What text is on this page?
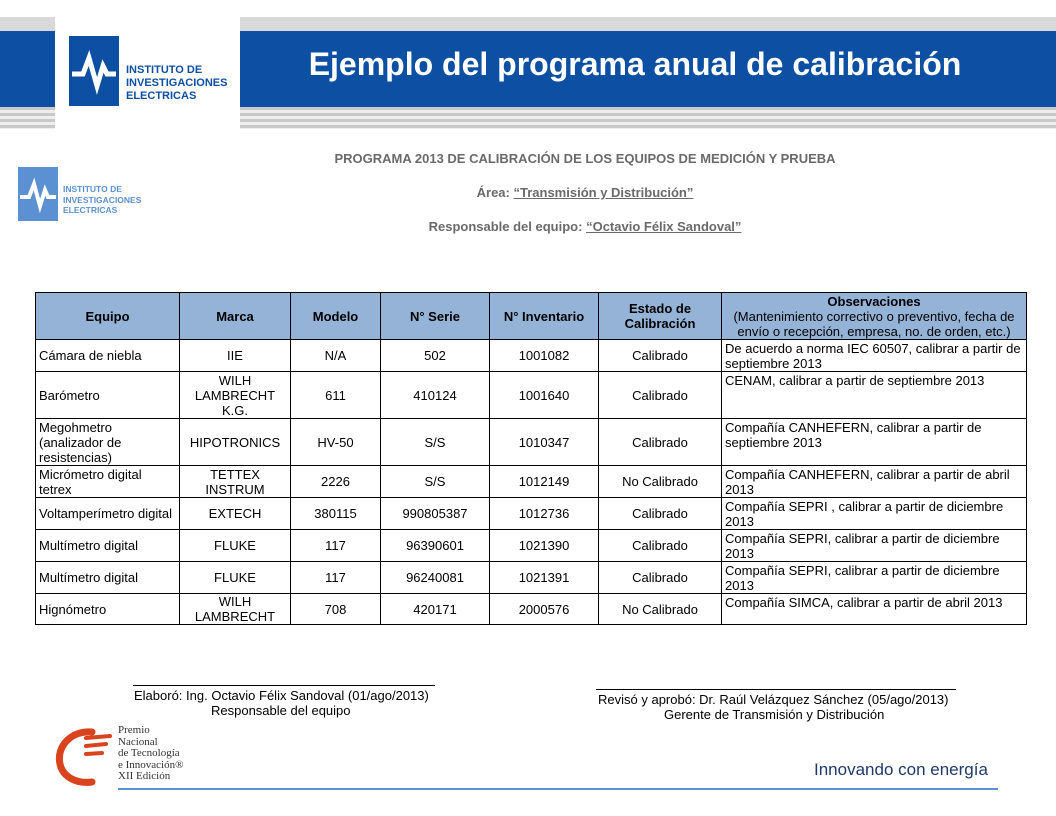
INSTITUTO DE
INVESTIGACIONES
ELECTRICAS
Ejemplo del programa anual de calibración
INSTITUTO DE
INVESTIGACIONES
ELECTRICAS
PROGRAMA 2013 DE CALIBRACIÓN DE LOS EQUIPOS DE MEDICIÓN Y PRUEBA
Área: “Transmisión y Distribución”
Responsable del equipo: “Octavio Félix Sandoval”
Equipo	Marca	Modelo	N° Serie	N° Inventario	Estado de Calibración	Observaciones
(Mantenimiento correctivo o preventivo, fecha de envío o recepción, empresa, no. de orden, etc.)

Cámara de niebla	IIE	N/A	502	1001082	Calibrado	De acuerdo a norma IEC 60507, calibrar a partir de septiembre 2013
Barómetro	WILH LAMBRECHT K.G.	611	410124	1001640	Calibrado	CENAM, calibrar a partir de septiembre 2013
Megohmetro (analizador de resistencias)	HIPOTRONICS	HV-50	S/S	1010347	Calibrado	Compañía CANHEFERN, calibrar a partir de septiembre 2013
Micrómetro digital tetrex	TETTEX INSTRUM	2226	S/S	1012149	No Calibrado	Compañía CANHEFERN, calibrar a partir de abril 2013
Voltamperímetro digital	EXTECH	380115	990805387	1012736	Calibrado	Compañía SEPRI , calibrar a partir de diciembre 2013
Multímetro digital	FLUKE	117	96390601	1021390	Calibrado	Compañía SEPRI, calibrar a partir de diciembre 2013
Multímetro digital	FLUKE	117	96240081	1021391	Calibrado	Compañía SEPRI, calibrar a partir de diciembre 2013
Hignómetro	WILH LAMBRECHT	708	420171	2000576	No Calibrado	Compañía SIMCA, calibrar a partir de abril 2013
Elaboró: Ing. Octavio Félix Sandoval (01/ago/2013)
Responsable del equipo
Revisó y aprobó: Dr. Raúl Velázquez Sánchez (05/ago/2013)
Gerente de Transmisión y Distribución
Premio
Nacional
de Tecnología
e Innovación®
XII Edición	Innovando con energía
